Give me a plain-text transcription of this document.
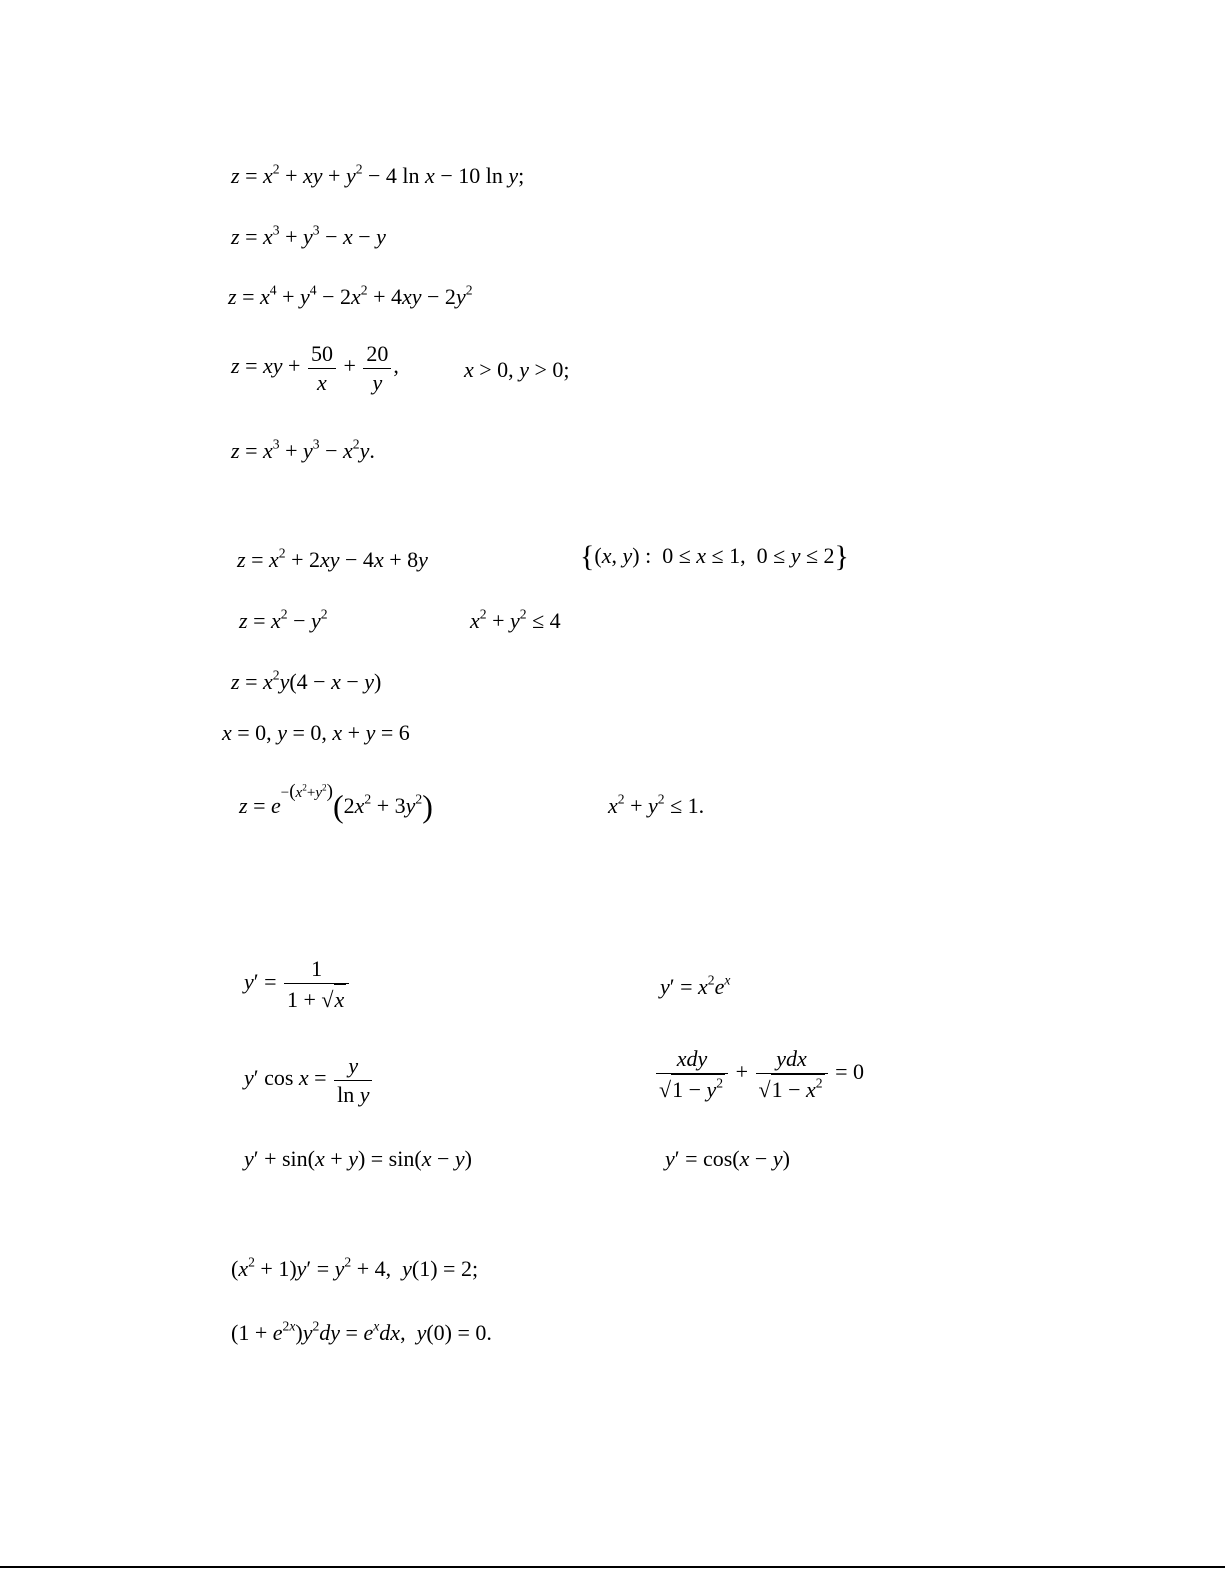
$z = x^2$ + xy + $y^2 - 4$ ln x − 10 ln y;
$z = x^3 + y^3 - x - y$
$z = x^4 + y^4 - 2x^2 + 4xy - 2y^2$
z = xy + $\frac{50}{x} + \frac{20}{y}$ ,	x > 0, y > 0;
$z = x^3 + y^3 - x^2y$.
$z = x^2 + 2xy - 4x + 8y$	{(x, y) :  0 ≤ x ≤ 1,  0 ≤ y ≤ 2}
$z = x^2 - y^2$	$x^2 + y^2 \le 4$
$z = x^2y(4 - x - y)$
x = 0, y = 0, x + y = 6
$z = e-(x^2+y^2)(2x^2 + 3y^2)$	$x^2 + y^2 \le 1$.
$y' = \frac{1}{1 + √x}$	$y' = x^2e^x$
y′ $\cos x = \frac{y}{\text{ln y}}$	$\frac{\text{xdy}}{√1 - y^2} + \frac{\text{ydx}}{√1 - x^2} = 0$
y′ + sin(x + y) = sin(x − y)	y′ = cos(x − y)
$(x^2 + 1)y' = y^2 + 4$,  y(1) = 2;
$(1 + e^{2x})y^2dy = e^xdx$,  y(0) = 0.
